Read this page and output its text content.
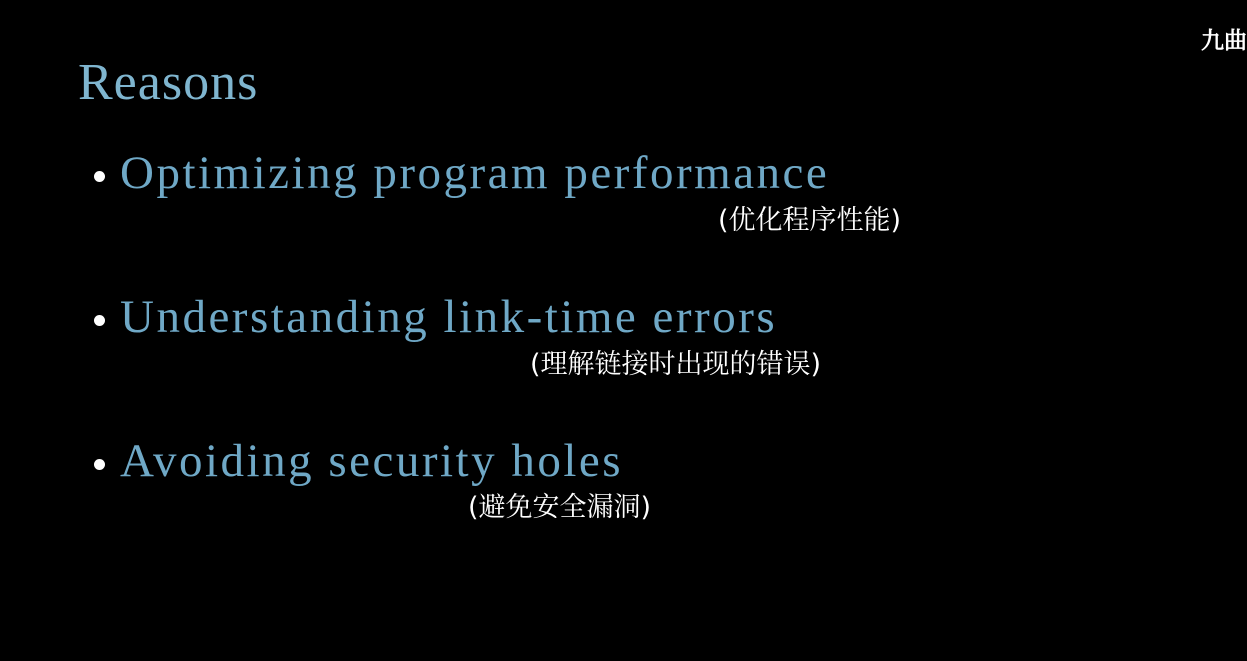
九曲
Reasons
Optimizing program performance
(优化程序性能)
Understanding link-time errors
(理解链接时出现的错误)
Avoiding security holes
(避免安全漏洞)
